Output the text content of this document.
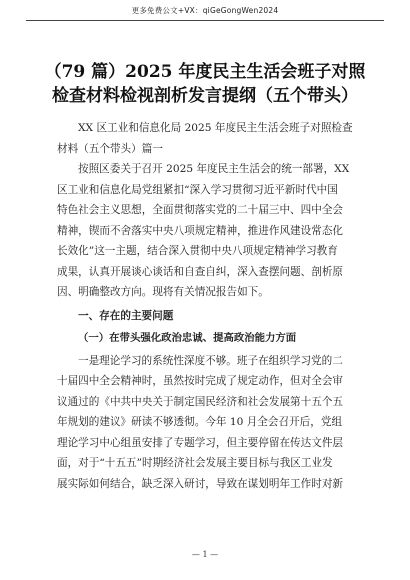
更多免费公文+VX：qiGeGongWen2024
（79 篇）2025 年度民主生活会班子对照
检查材料检视剖析发言提纲（五个带头）
XX 区工业和信息化局 2025 年度民主生活会班子对照检查
材料（五个带头）篇一
按照区委关于召开 2025 年度民主生活会的统一部署，XX
区工业和信息化局党组紧扣“深入学习贯彻习近平新时代中国
特色社会主义思想，全面贯彻落实党的二十届三中、四中全会
精神，锲而不舍落实中央八项规定精神，推进作风建设常态化
长效化”这一主题，结合深入贯彻中央八项规定精神学习教育
成果，认真开展谈心谈话和自查自纠，深入查摆问题、剖析原
因、明确整改方向。现将有关情况报告如下。
一、存在的主要问题
（一）在带头强化政治忠诚、提高政治能力方面
一是理论学习的系统性深度不够。班子在组织学习党的二
十届四中全会精神时，虽然按时完成了规定动作，但对全会审
议通过的《中共中央关于制定国民经济和社会发展第十五个五
年规划的建议》研读不够透彻。今年 10 月全会召开后，党组
理论学习中心组虽安排了专题学习，但主要停留在传达文件层
面，对于“十五五”时期经济社会发展主要目标与我区工业发
展实际如何结合，缺乏深入研讨，导致在谋划明年工作时对新
— 1 —
